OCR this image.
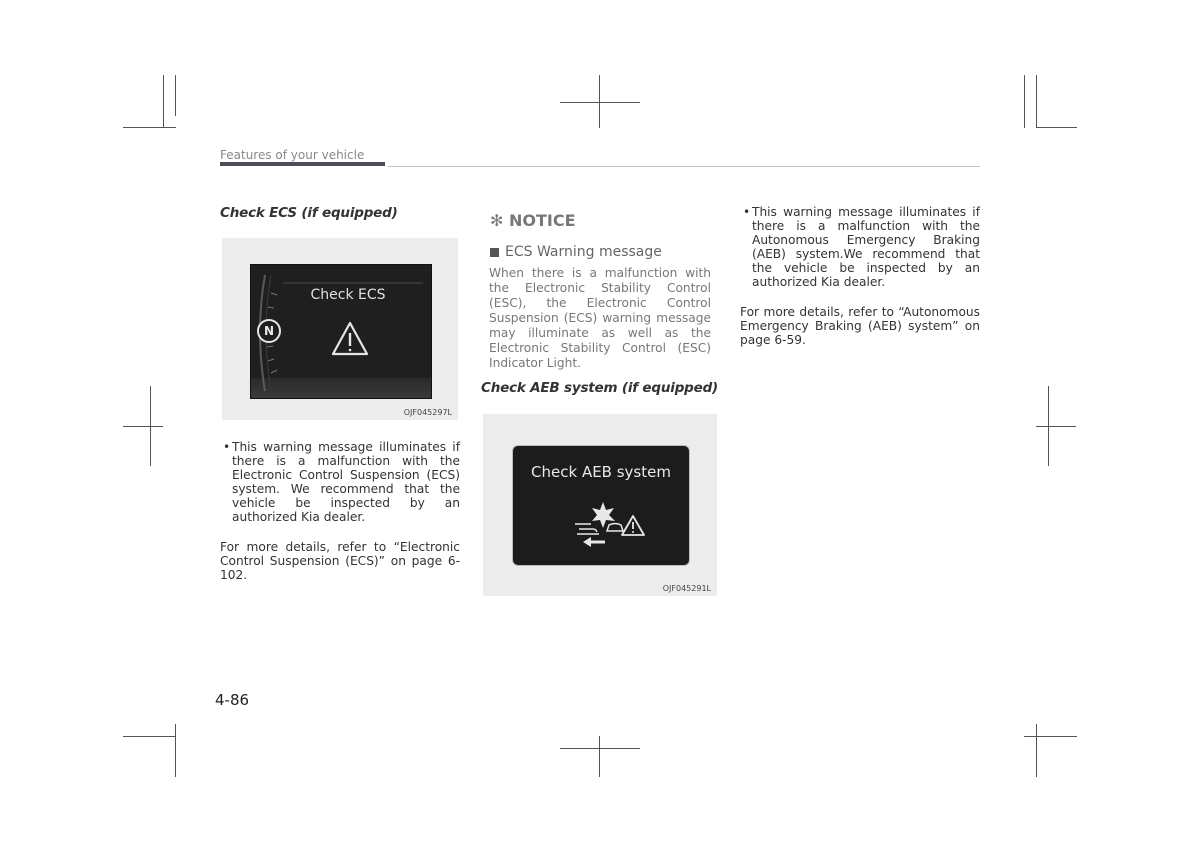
Features of your vehicle
Check ECS (if equipped)
N
Check ECS
OJF045297L
• This warning message illuminates if there is a malfunction with the Electronic Control Suspension (ECS) system. We recommend that the vehicle be inspected by an authorized Kia dealer.
For more details, refer to “Electronic Control Suspension (ECS)” on page 6-102.
✻ NOTICE
ECS Warning message
When there is a malfunction with the Electronic Stability Control (ESC), the Electronic Control Suspension (ECS) warning message may illuminate as well as the Electronic Stability Control (ESC) Indicator Light.
Check AEB system (if equipped)
Check AEB system
OJF045291L
• This warning message illuminates if there is a malfunction with the Autonomous Emergency Braking (AEB) system.We recommend that the vehicle be inspected by an authorized Kia dealer.
For more details, refer to “Autonomous Emergency Braking (AEB) system” on page 6-59.
4-86
